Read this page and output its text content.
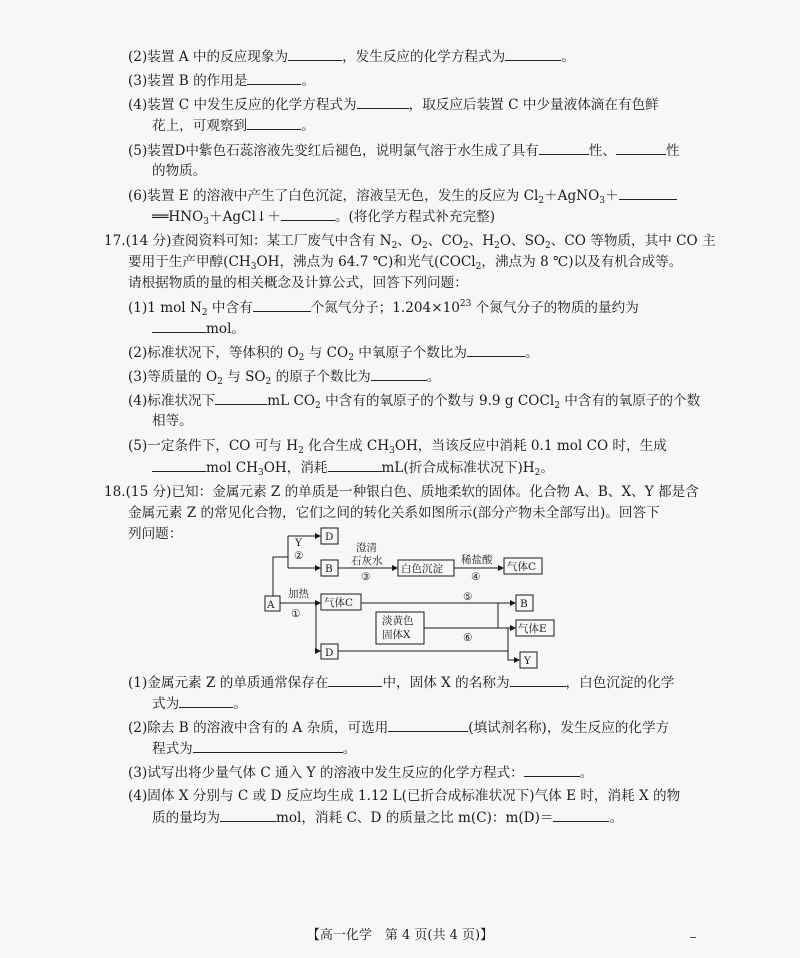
(2)装置 A 中的反应现象为	，发生反应的化学方程式为	。
(3)装置 B 的作用是	。
(4)装置 C 中发生反应的化学方程式为	，取反应后装置 C 中少量液体滴在有色鲜
花上，可观察到	。
(5)装置D中紫色石蕊溶液先变红后褪色，说明氯气溶于水生成了具有	性、	性
的物质。
(6)装置 E 的溶液中产生了白色沉淀，溶液呈无色，发生的反应为 $Cl_2+AgNO_3+$
$══HNO_3+AgCl↓+$	。(将化学方程式补充完整)
17.(14 分)查阅资料可知：某工厂废气中含有 $N_2$、$O_2$、$CO_2$、$H_2O$、$SO_2$、CO 等物质，其中 CO 主
要用于生产甲醇($CH_3OH$，沸点为 64.7 ℃)和光气(COCl$_2$，沸点为 8 ℃)以及有机合成等。
请根据物质的量的相关概念及计算公式，回答下列问题：
(1)1 mol $N_2$ 中含有	个氮气分子；$1.204\times 10^{23}$ 个氮气分子的物质的量约为
mol。
(2)标准状况下，等体积的 $O_2$ 与 $CO_2$ 中氧原子个数比为	。
(3)等质量的 $O_2$ 与 $SO_2$ 的原子个数比为	。
(4)标准状况下	mL $CO_2$ 中含有的氧原子的个数与 9.9 g COCl$_2$ 中含有的氧原子的个数
相等。
(5)一定条件下，CO 可与 $H_2$ 化合生成 $CH_3OH$，当该反应中消耗 0.1 mol CO 时，生成
mol $CH_3OH$，消耗	mL(折合成标准状况下)$H_2$。
18.(15 分)已知：金属元素 Z 的单质是一种银白色、质地柔软的固体。化合物 A、B、X、Y 都是含
金属元素 Z 的常见化合物，它们之间的转化关系如图所示(部分产物未全部写出)。回答下
列问题：
A
D
B
Y
②
澄清
石灰水
③
白色沉淀
稀盐酸
④
气体C
加热
①
气体C
淡黄色
固体X
⑤
⑥
B
气体E
Y
D
(1)金属元素 Z 的单质通常保存在	中，固体 X 的名称为	，白色沉淀的化学
式为	。
(2)除去 B 的溶液中含有的 A 杂质，可选用	(填试剂名称)，发生反应的化学方
程式为	。
(3)试写出将少量气体 C 通入 Y 的溶液中发生反应的化学方程式：	。
(4)固体 X 分别与 C 或 D 反应均生成 1.12 L(已折合成标准状况下)气体 E 时，消耗 X 的物
质的量均为	mol，消耗 C、D 的质量之比 m(C)：m(D)＝	。
【高一化学　第 4 页(共 4 页)】
